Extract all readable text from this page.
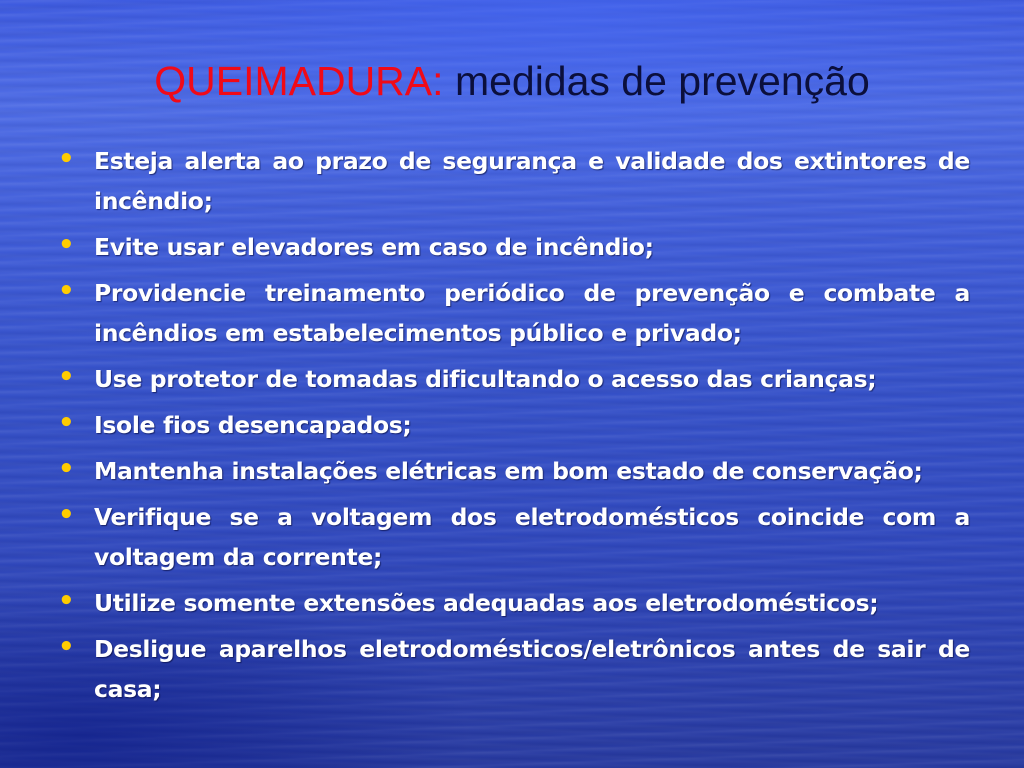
QUEIMADURA: medidas de prevenção
• Esteja alerta ao prazo de segurança e validade dos extintores de incêndio;
• Evite usar elevadores em caso de incêndio;
• Providencie treinamento periódico de prevenção e combate a incêndios em estabelecimentos público e privado;
• Use protetor de tomadas dificultando o acesso das crianças;
• Isole fios desencapados;
• Mantenha instalações elétricas em bom estado de conservação;
• Verifique se a voltagem dos eletrodomésticos coincide com a voltagem da corrente;
• Utilize somente extensões adequadas aos eletrodomésticos;
• Desligue aparelhos eletrodomésticos/eletrônicos antes de sair de casa;
